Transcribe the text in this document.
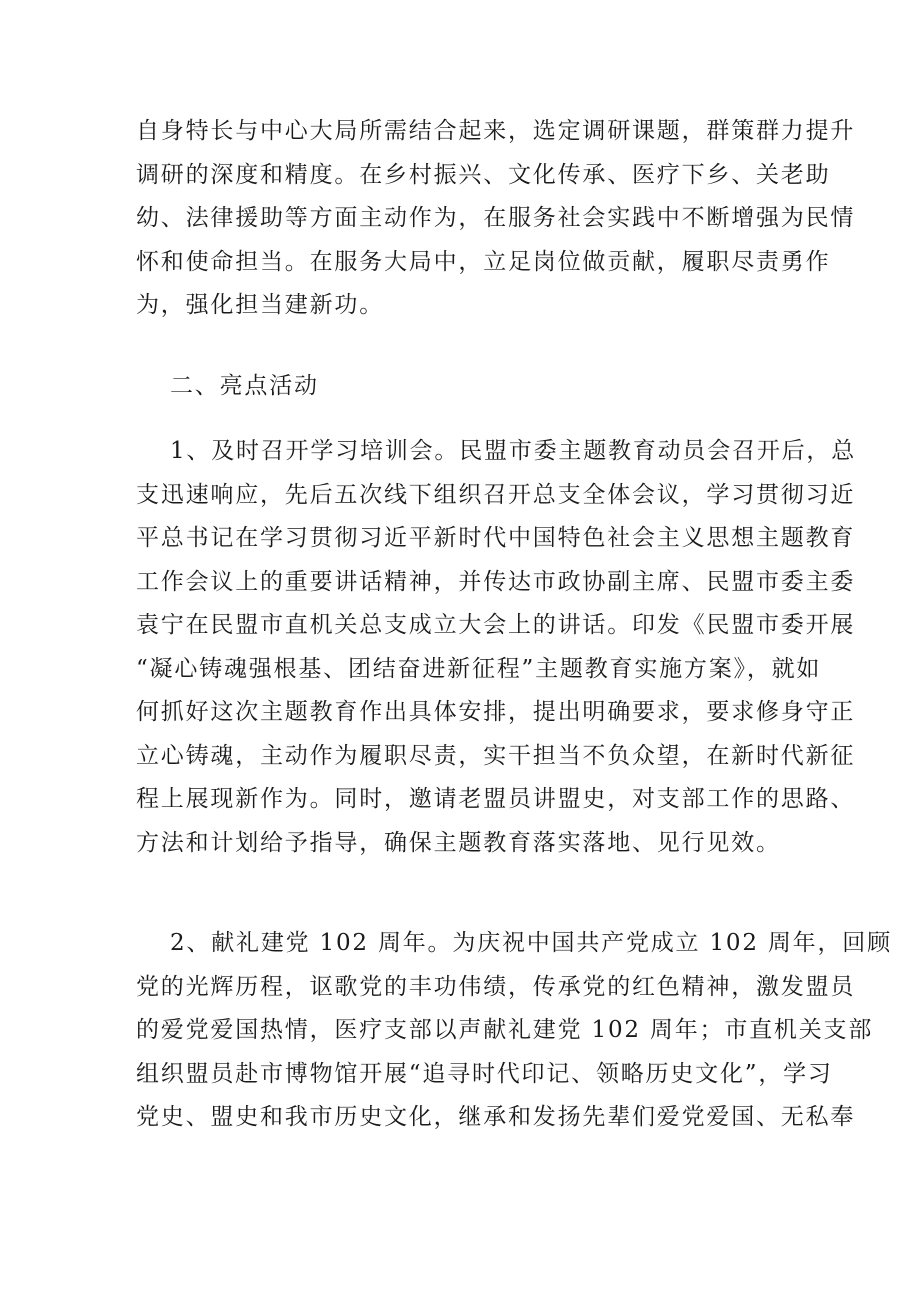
自身特长与中心大局所需结合起来，选定调研课题，群策群力提升
调研的深度和精度。在乡村振兴、文化传承、医疗下乡、关老助
幼、法律援助等方面主动作为，在服务社会实践中不断增强为民情
怀和使命担当。在服务大局中，立足岗位做贡献，履职尽责勇作
为，强化担当建新功。
二、亮点活动
1、及时召开学习培训会。民盟市委主题教育动员会召开后，总
支迅速响应，先后五次线下组织召开总支全体会议，学习贯彻习近
平总书记在学习贯彻习近平新时代中国特色社会主义思想主题教育
工作会议上的重要讲话精神，并传达市政协副主席、民盟市委主委
袁宁在民盟市直机关总支成立大会上的讲话。印发《民盟市委开展
“凝心铸魂强根基、团结奋进新征程”主题教育实施方案》，就如
何抓好这次主题教育作出具体安排，提出明确要求，要求修身守正
立心铸魂，主动作为履职尽责，实干担当不负众望，在新时代新征
程上展现新作为。同时，邀请老盟员讲盟史，对支部工作的思路、
方法和计划给予指导，确保主题教育落实落地、见行见效。
2、献礼建党 102 周年。为庆祝中国共产党成立 102 周年，回顾
党的光辉历程，讴歌党的丰功伟绩，传承党的红色精神，激发盟员
的爱党爱国热情，医疗支部以声献礼建党 102 周年；市直机关支部
组织盟员赴市博物馆开展“追寻时代印记、领略历史文化”，学习
党史、盟史和我市历史文化，继承和发扬先辈们爱党爱国、无私奉
